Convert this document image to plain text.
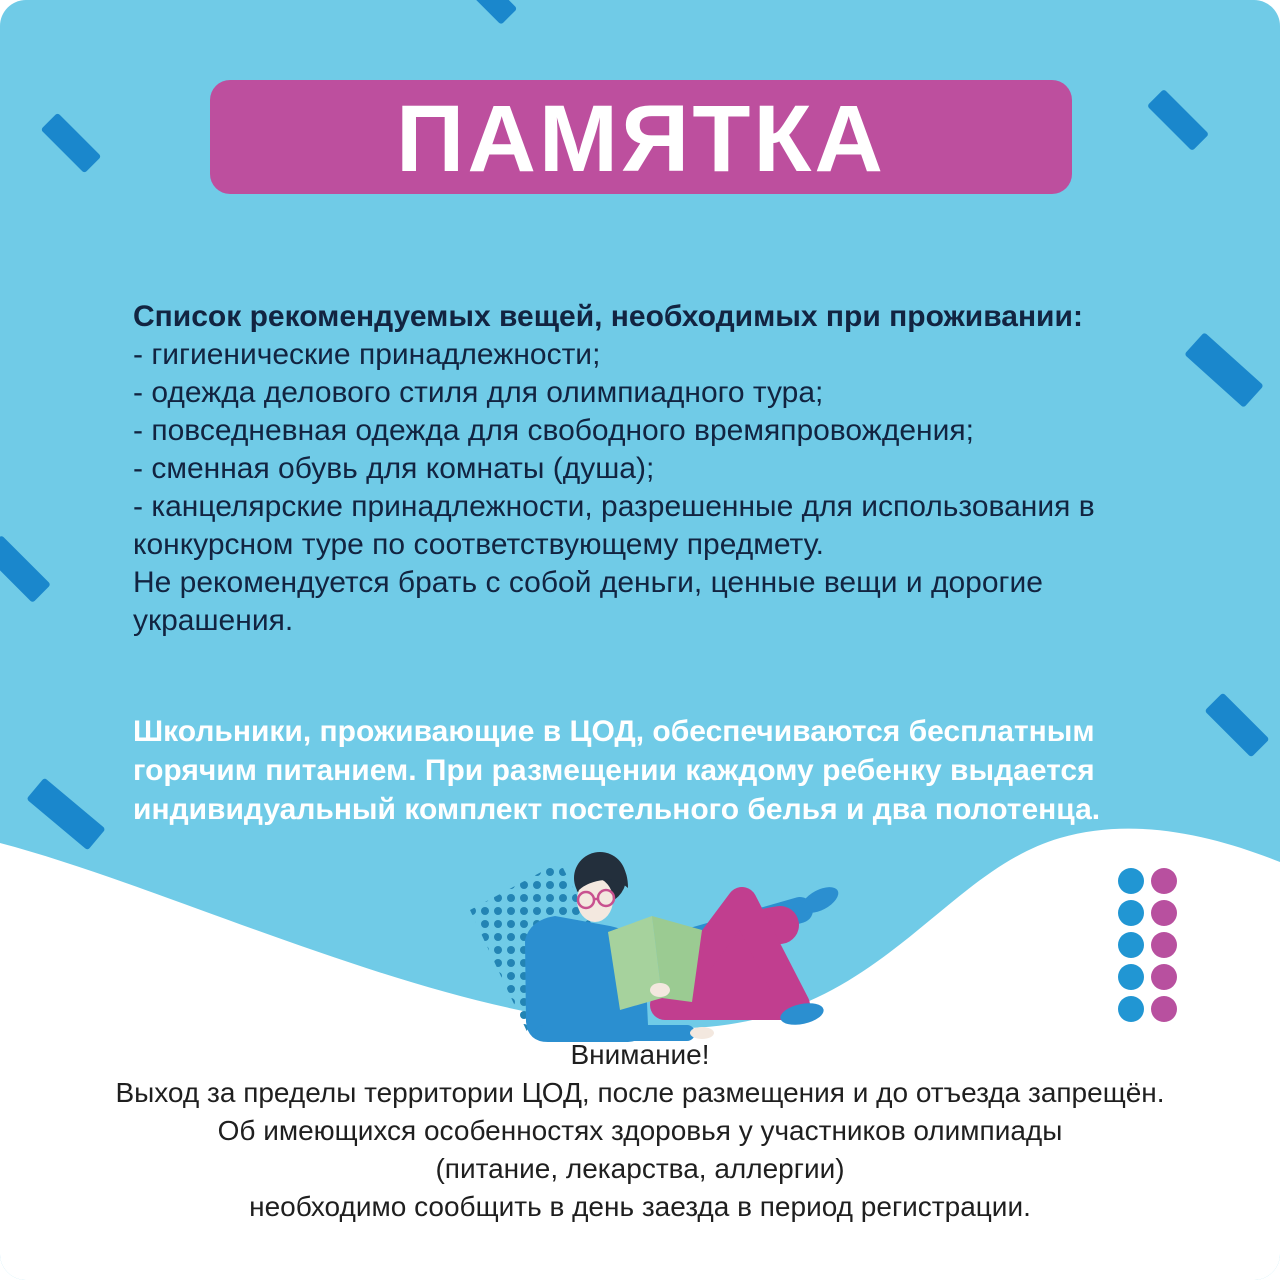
ПАМЯТКА
Список рекомендуемых вещей, необходимых при проживании:
- гигиенические принадлежности;
- одежда делового стиля для олимпиадного тура;
- повседневная одежда для свободного времяпровождения;
- сменная обувь для комнаты (душа);
- канцелярские принадлежности, разрешенные для использования в конкурсном туре по соответствующему предмету.
Не рекомендуется брать с собой деньги, ценные вещи и дорогие украшения.
Школьники, проживающие в ЦОД, обеспечиваются бесплатным горячим питанием. При размещении каждому ребенку выдается индивидуальный комплект постельного белья и два полотенца.
Внимание!
Выход за пределы территории ЦОД, после размещения и до отъезда запрещён.
Об имеющихся особенностях здоровья у участников олимпиады
(питание, лекарства, аллергии)
необходимо сообщить в день заезда в период регистрации.
